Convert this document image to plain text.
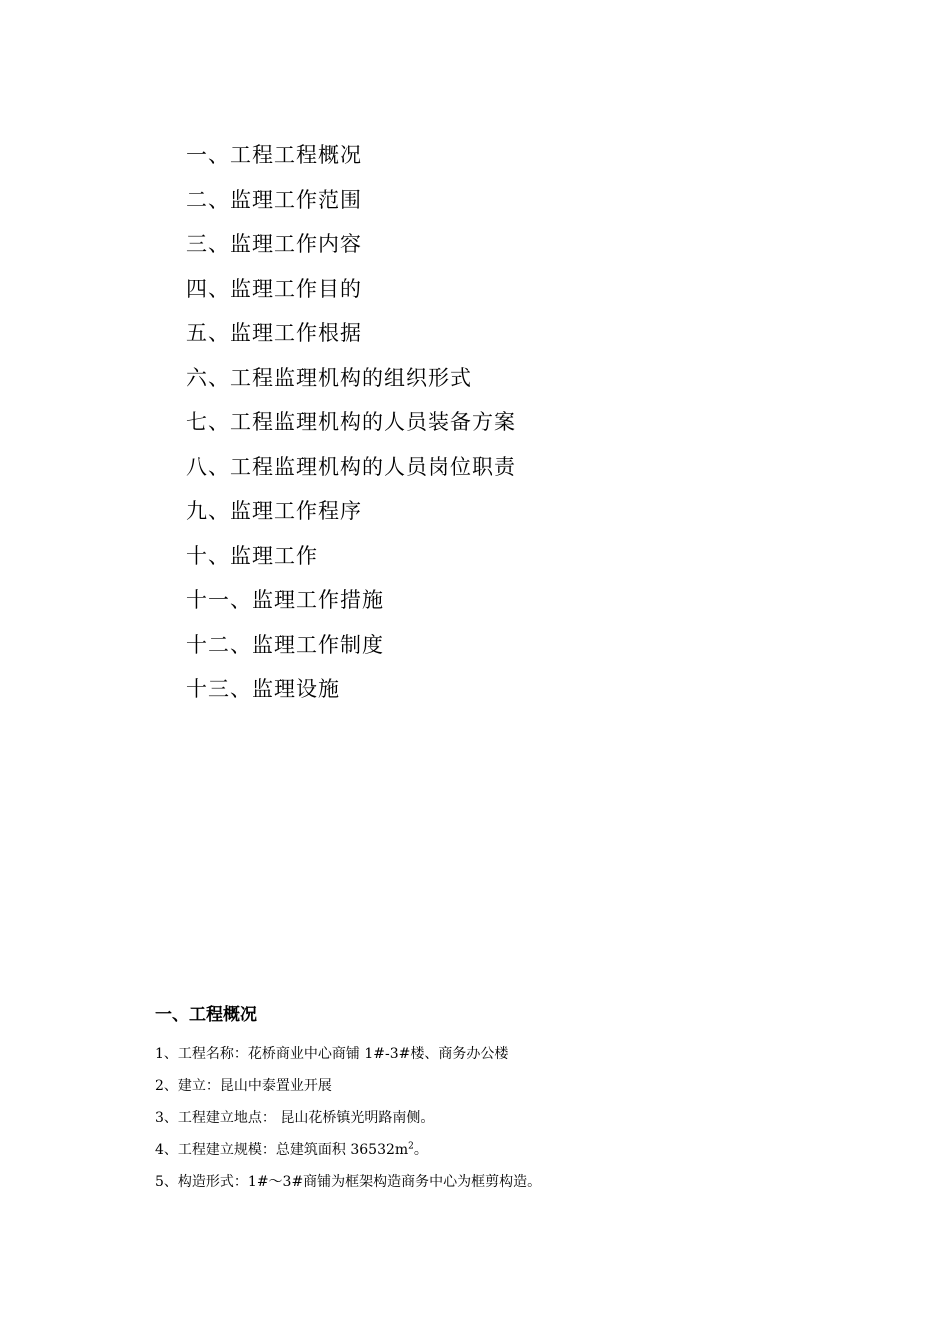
一、工程工程概况
二、监理工作范围
三、监理工作内容
四、监理工作目的
五、监理工作根据
六、工程监理机构的组织形式
七、工程监理机构的人员装备方案
八、工程监理机构的人员岗位职责
九、监理工作程序
十、监理工作
十一、监理工作措施
十二、监理工作制度
十三、监理设施
一、工程概况
1、工程名称：花桥商业中心商铺 1#-3#楼、商务办公楼
2、建立：昆山中泰置业开展
3、工程建立地点： 昆山花桥镇光明路南侧。
4、工程建立规模：总建筑面积 $36532m^2$。
5、构造形式：1#～3#商铺为框架构造商务中心为框剪构造。
